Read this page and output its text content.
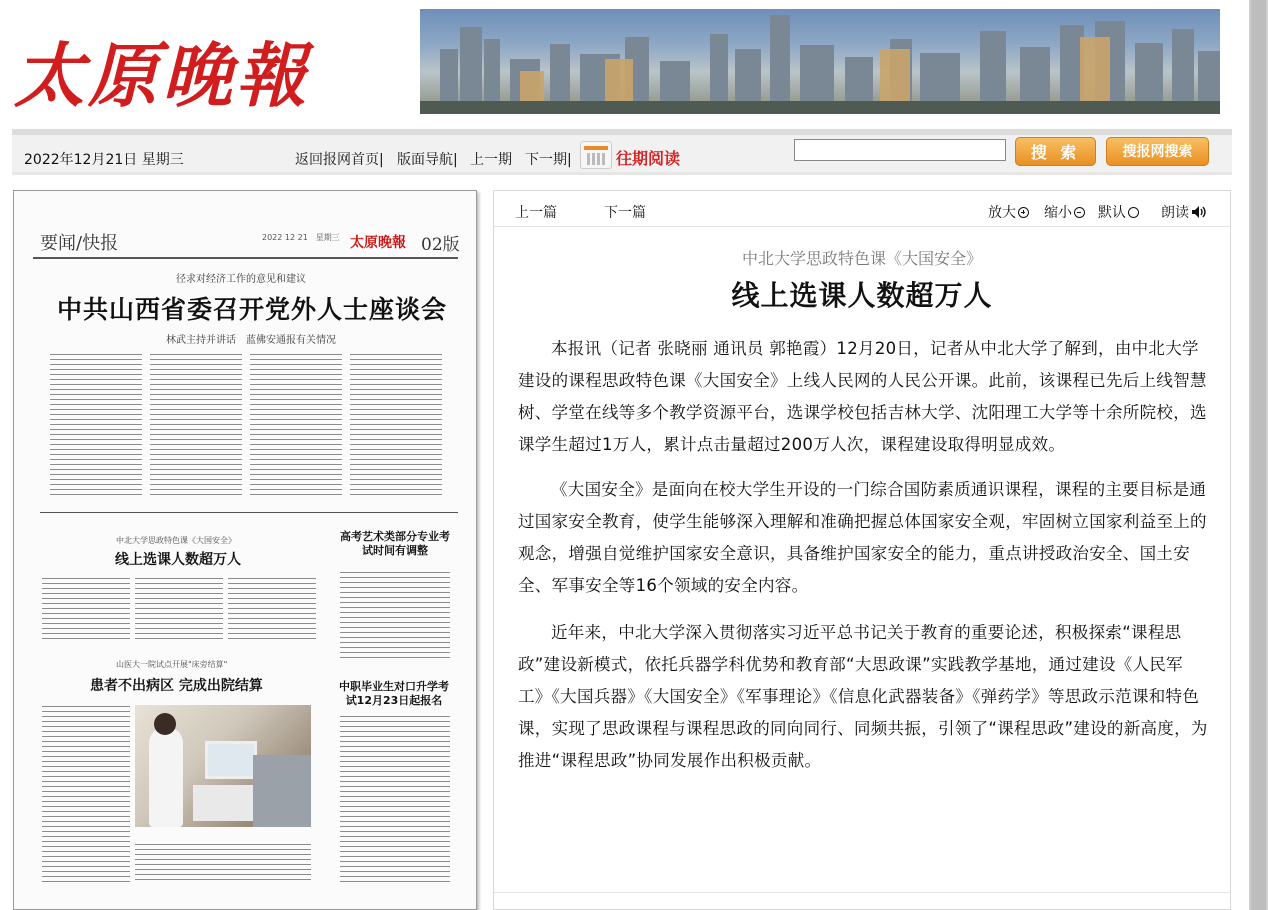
太原晚報
2022年12月21日 星期三	返回报网首页| 版面导航| 上一期 下一期|	往期阅读	搜 索	搜报网搜索
要闻/快报	2022 12 21　星期三 太原晚報 02版
径求对经济工作的意见和建议
中共山西省委召开党外人士座谈会
林武主持并讲话　蓝佛安通报有关情况
中北大学思政特色课《大国安全》
线上选课人数超万人
高考艺术类部分专业考试时间有调整
山医大一院试点开展"床旁结算"
患者不出病区 完成出院结算	中职毕业生对口升学考试12月23日起报名
上一篇	下一篇	放大	缩小	默认	朗读
中北大学思政特色课《大国安全》
线上选课人数超万人
本报讯（记者 张晓丽 通讯员 郭艳霞）12月20日，记者从中北大学了解到，由中北大学建设的课程思政特色课《大国安全》上线人民网的人民公开课。此前，该课程已先后上线智慧树、学堂在线等多个教学资源平台，选课学校包括吉林大学、沈阳理工大学等十余所院校，选课学生超过1万人，累计点击量超过200万人次，课程建设取得明显成效。
《大国安全》是面向在校大学生开设的一门综合国防素质通识课程，课程的主要目标是通过国家安全教育，使学生能够深入理解和准确把握总体国家安全观，牢固树立国家利益至上的观念，增强自觉维护国家安全意识，具备维护国家安全的能力，重点讲授政治安全、国土安全、军事安全等16个领域的安全内容。
近年来，中北大学深入贯彻落实习近平总书记关于教育的重要论述，积极探索“课程思政”建设新模式，依托兵器学科优势和教育部“大思政课”实践教学基地，通过建设《人民军工》《大国兵器》《大国安全》《军事理论》《信息化武器装备》《弹药学》等思政示范课和特色课，实现了思政课程与课程思政的同向同行、同频共振，引领了“课程思政”建设的新高度，为推进“课程思政”协同发展作出积极贡献。
